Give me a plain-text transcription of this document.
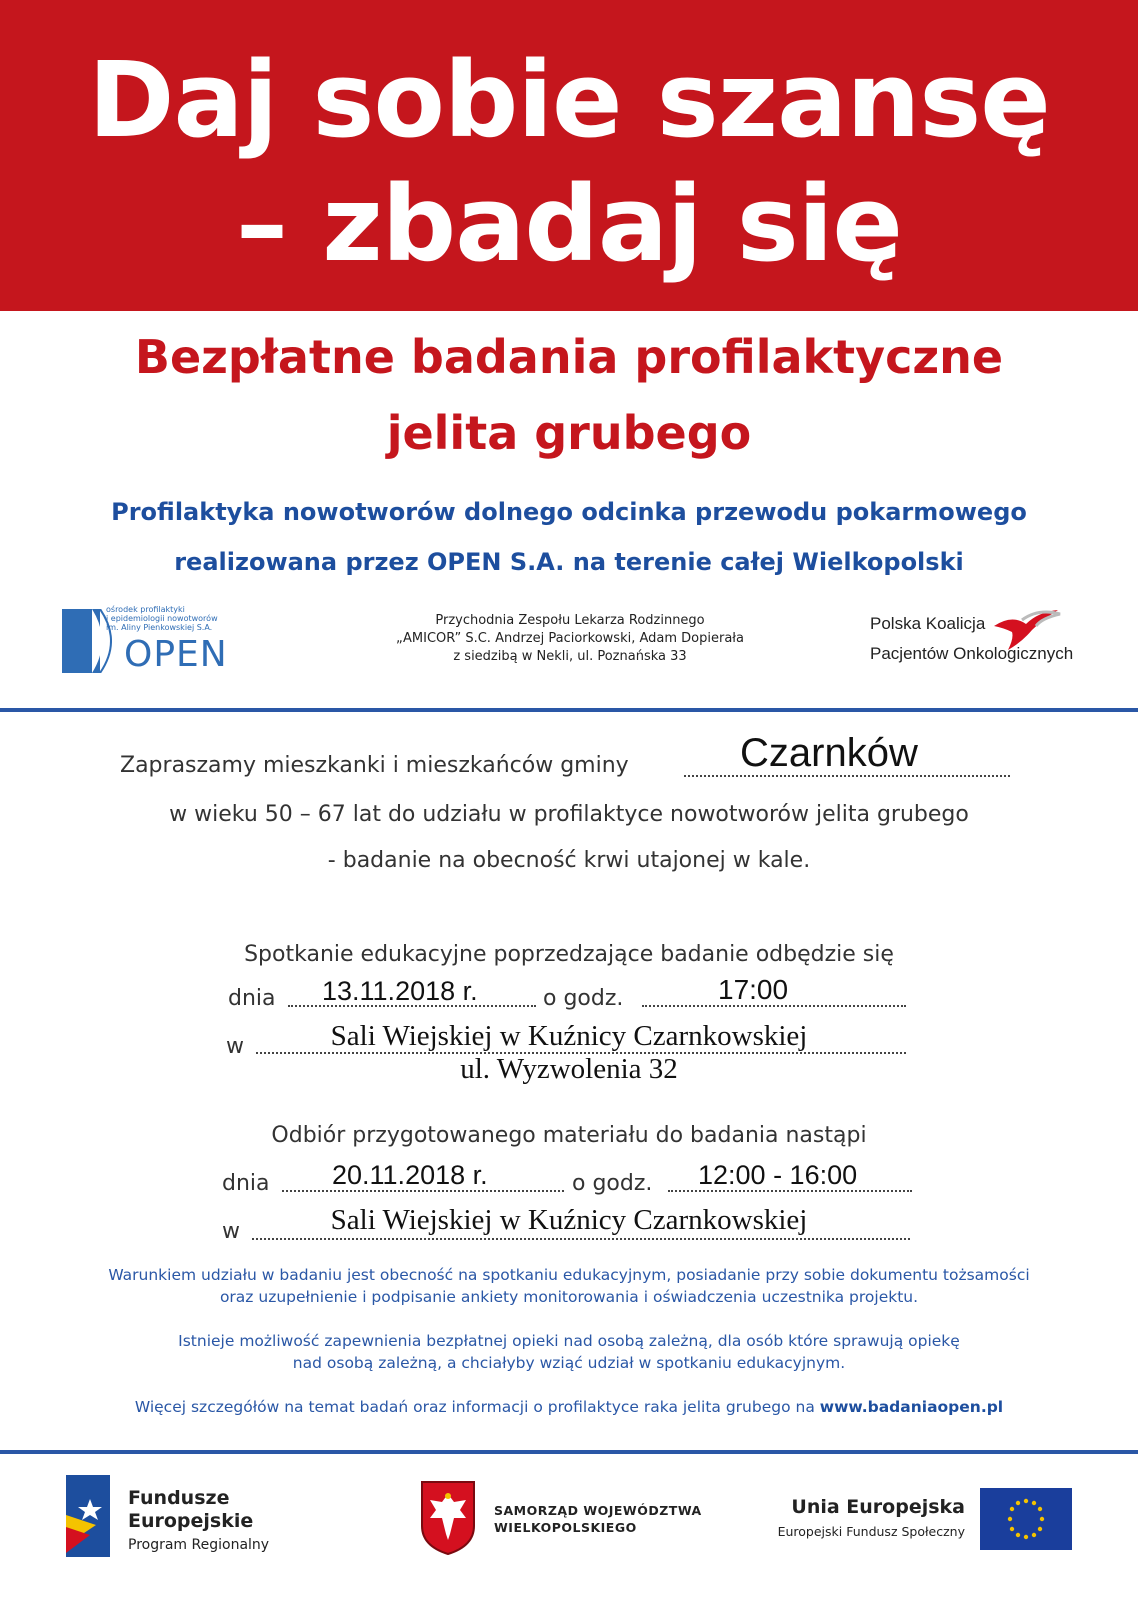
Daj sobie szansę
– zbadaj się
Bezpłatne badania profilaktyczne
jelita grubego
Profilaktyka nowotworów dolnego odcinka przewodu pokarmowego
realizowana przez OPEN S.A. na terenie całej Wielkopolski
ośrodek profilaktyki
i epidemiologii nowotworów
im. Aliny Pienkowskiej S.A.
OPEN
Przychodnia Zespołu Lekarza Rodzinnego
„AMICOR” S.C. Andrzej Paciorkowski, Adam Dopierała
z siedzibą w Nekli, ul. Poznańska 33
Polska Koalicja
Pacjentów Onkologicznych
Zapraszamy mieszkanki i mieszkańców gminy	Czarnków
w wieku 50 – 67 lat do udziału w profilaktyce nowotworów jelita grubego
- badanie na obecność krwi utajonej w kale.
Spotkanie edukacyjne poprzedzające badanie odbędzie się
dnia 13.11.2018 r.	o godz.	17:00
w	Sali Wiejskiej w Kuźnicy Czarnkowskiej
ul. Wyzwolenia 32
Odbiór przygotowanego materiału do badania nastąpi
dnia 20.11.2018 r.	o godz. 12:00 - 16:00
w	Sali Wiejskiej w Kuźnicy Czarnkowskiej
Warunkiem udziału w badaniu jest obecność na spotkaniu edukacyjnym, posiadanie przy sobie dokumentu tożsamości
oraz uzupełnienie i podpisanie ankiety monitorowania i oświadczenia uczestnika projektu.
Istnieje możliwość zapewnienia bezpłatnej opieki nad osobą zależną, dla osób które sprawują opiekę
nad osobą zależną, a chciałyby wziąć udział w spotkaniu edukacyjnym.
Więcej szczegółów na temat badań oraz informacji o profilaktyce raka jelita grubego na www.badaniaopen.pl
Fundusze
Europejskie
Program Regionalny
SAMORZĄD WOJEWÓDZTWA
WIELKOPOLSKIEGO
Unia Europejska
Europejski Fundusz Społeczny
